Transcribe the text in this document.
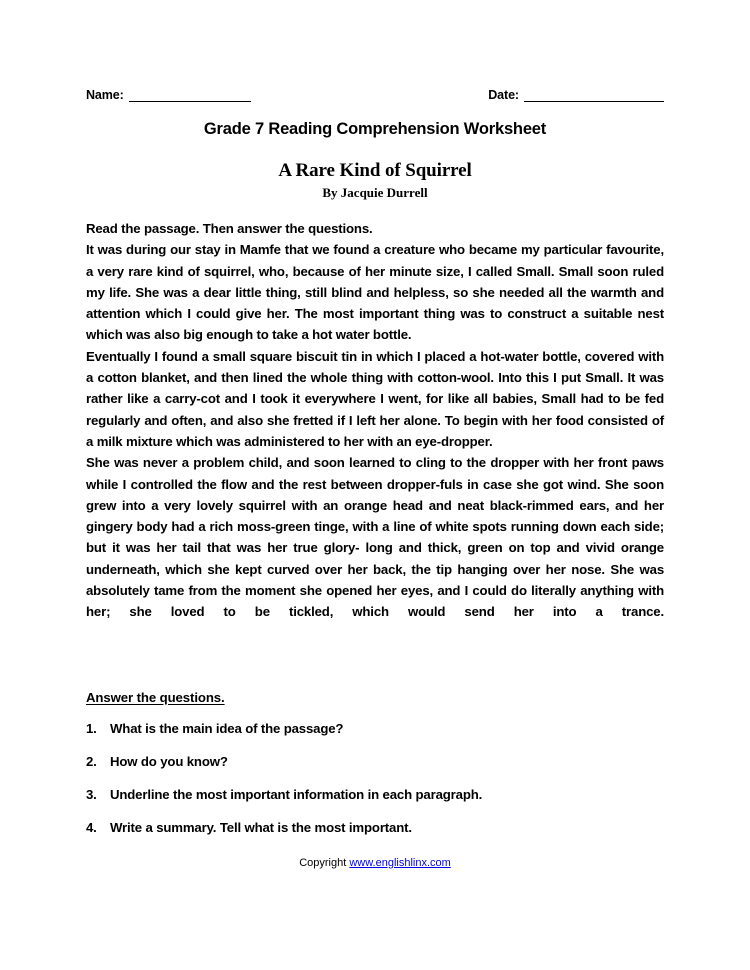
Name:	Date:
Grade 7 Reading Comprehension Worksheet
A Rare Kind of Squirrel
By Jacquie Durrell

Read the passage. Then answer the questions.

It was during our stay in Mamfe that we found a creature who became my particular favourite, a very rare kind of squirrel, who, because of her minute size, I called Small. Small soon ruled my life. She was a dear little thing, still blind and helpless, so she needed all the warmth and attention which I could give her. The most important thing was to construct a suitable nest which was also big enough to take a hot water bottle.

Eventually I found a small square biscuit tin in which I placed a hot-water bottle, covered with a cotton blanket, and then lined the whole thing with cotton-wool. Into this I put Small. It was rather like a carry-cot and I took it everywhere I went, for like all babies, Small had to be fed regularly and often, and also she fretted if I left her alone. To begin with her food consisted of a milk mixture which was administered to her with an eye-dropper.

She was never a problem child, and soon learned to cling to the dropper with her front paws while I controlled the flow and the rest between dropper-fuls in case she got wind. She soon grew into a very lovely squirrel with an orange head and neat black-rimmed ears, and her gingery body had a rich moss-green tinge, with a line of white spots running down each side; but it was her tail that was her true glory- long and thick, green on top and vivid orange underneath, which she kept curved over her back, the tip hanging over her nose. She was absolutely tame from the moment she opened her eyes, and I could do literally anything with her; she loved to be tickled, which would send her into a trance.

Answer the questions.
1.	What is the main idea of the passage?
2.	How do you know?
3.	Underline the most important information in each paragraph.
4.	Write a summary. Tell what is the most important.
Copyright www.englishlinx.com
